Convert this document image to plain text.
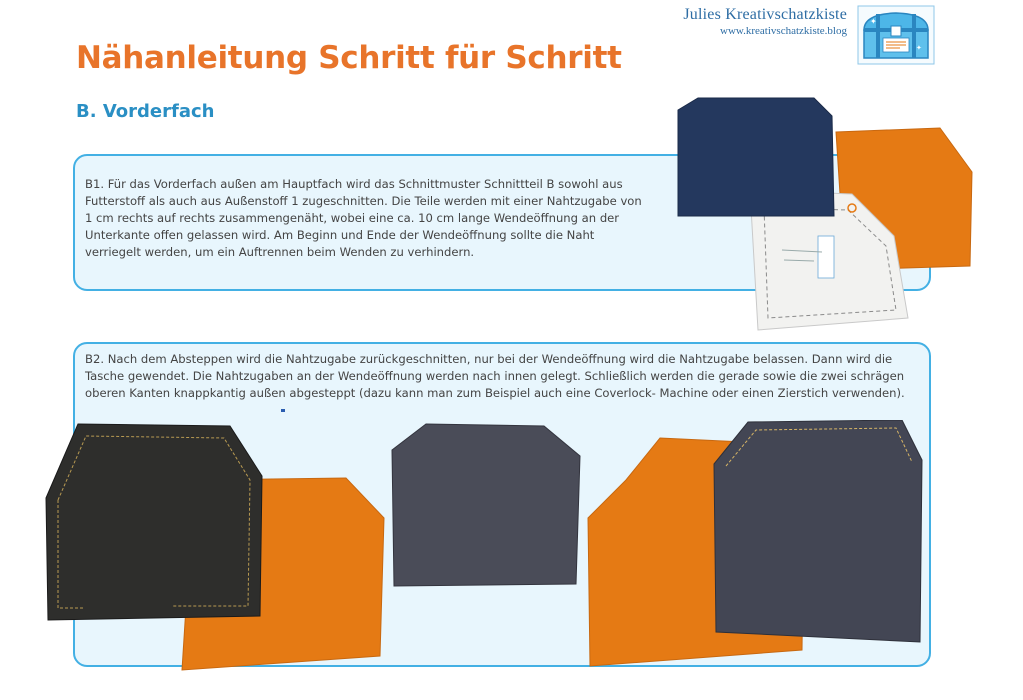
Julies Kreativschatzkiste
www.kreativschatzkiste.blog
✦
✦
Nähanleitung Schritt für Schritt
B. Vorderfach

B1. Für das Vorderfach außen am Hauptfach wird das Schnittmuster Schnittteil B sowohl aus Futterstoff als auch aus Außenstoff 1 zugeschnitten. Die Teile werden mit einer Nahtzugabe von 1 cm rechts auf rechts zusammengenäht, wobei eine ca. 10 cm lange Wendeöffnung an der Unterkante offen gelassen wird. Am Beginn und Ende der Wendeöffnung sollte die Naht verriegelt werden, um ein Auftrennen beim Wenden zu verhindern.

B2. Nach dem Absteppen wird die Nahtzugabe zurückgeschnitten, nur bei der Wendeöffnung wird die Nahtzugabe belassen. Dann wird die Tasche gewendet. Die Nahtzugaben an der Wendeöffnung werden nach innen gelegt. Schließlich werden die gerade sowie die zwei schrägen oberen Kanten knappkantig außen abgesteppt (dazu kann man zum Beispiel auch eine Coverlock- Machine oder einen Zierstich verwenden).
